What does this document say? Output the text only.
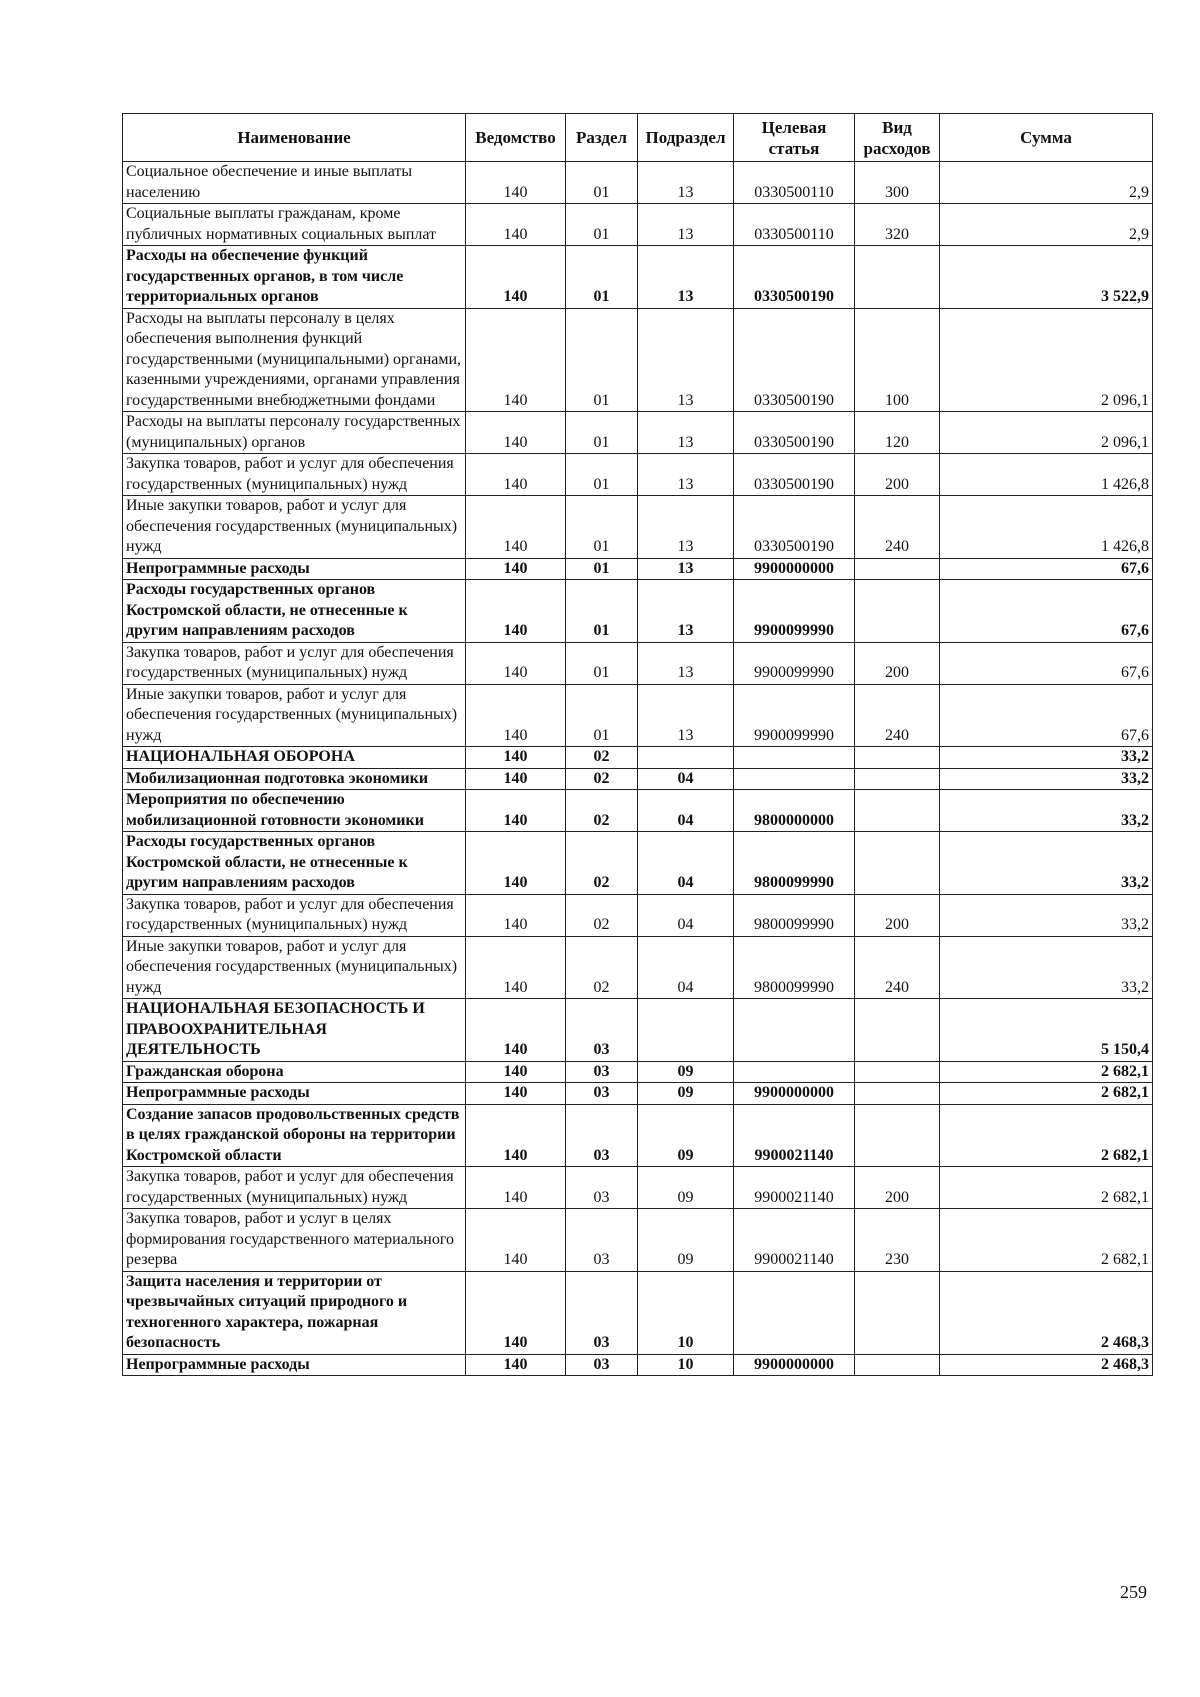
Наименование	Ведомство	Раздел	Подраздел	Целевая статья	Вид расходов	Сумма
Социальное обеспечение и иные выплаты населению	140	01	13	0330500110	300	2,9
Социальные выплаты гражданам, кроме публичных нормативных социальных выплат	140	01	13	0330500110	320	2,9
Расходы на обеспечение функций государственных органов, в том числе территориальных органов	140	01	13	0330500190		3 522,9
Расходы на выплаты персоналу в целях обеспечения выполнения функций государственными (муниципальными) органами, казенными учреждениями, органами управления государственными внебюджетными фондами	140	01	13	0330500190	100	2 096,1
Расходы на выплаты персоналу государственных (муниципальных) органов	140	01	13	0330500190	120	2 096,1
Закупка товаров, работ и услуг для обеспечения государственных (муниципальных) нужд	140	01	13	0330500190	200	1 426,8
Иные закупки товаров, работ и услуг для обеспечения государственных (муниципальных) нужд	140	01	13	0330500190	240	1 426,8
Непрограммные расходы	140	01	13	9900000000		67,6
Расходы государственных органов Костромской области, не отнесенные к другим направлениям расходов	140	01	13	9900099990		67,6
Закупка товаров, работ и услуг для обеспечения государственных (муниципальных) нужд	140	01	13	9900099990	200	67,6
Иные закупки товаров, работ и услуг для обеспечения государственных (муниципальных) нужд	140	01	13	9900099990	240	67,6
НАЦИОНАЛЬНАЯ ОБОРОНА	140	02				33,2
Мобилизационная подготовка экономики	140	02	04			33,2
Мероприятия по обеспечению мобилизационной готовности экономики	140	02	04	9800000000		33,2
Расходы государственных органов Костромской области, не отнесенные к другим направлениям расходов	140	02	04	9800099990		33,2
Закупка товаров, работ и услуг для обеспечения государственных (муниципальных) нужд	140	02	04	9800099990	200	33,2
Иные закупки товаров, работ и услуг для обеспечения государственных (муниципальных) нужд	140	02	04	9800099990	240	33,2
НАЦИОНАЛЬНАЯ БЕЗОПАСНОСТЬ И ПРАВООХРАНИТЕЛЬНАЯ ДЕЯТЕЛЬНОСТЬ	140	03				5 150,4
Гражданская оборона	140	03	09			2 682,1
Непрограммные расходы	140	03	09	9900000000		2 682,1
Создание запасов продовольственных средств в целях гражданской обороны на территории Костромской области	140	03	09	9900021140		2 682,1
Закупка товаров, работ и услуг для обеспечения государственных (муниципальных) нужд	140	03	09	9900021140	200	2 682,1
Закупка товаров, работ и услуг в целях формирования государственного материального резерва	140	03	09	9900021140	230	2 682,1
Защита населения и территории от чрезвычайных ситуаций природного и техногенного характера, пожарная безопасность	140	03	10			2 468,3
Непрограммные расходы	140	03	10	9900000000		2 468,3
259
